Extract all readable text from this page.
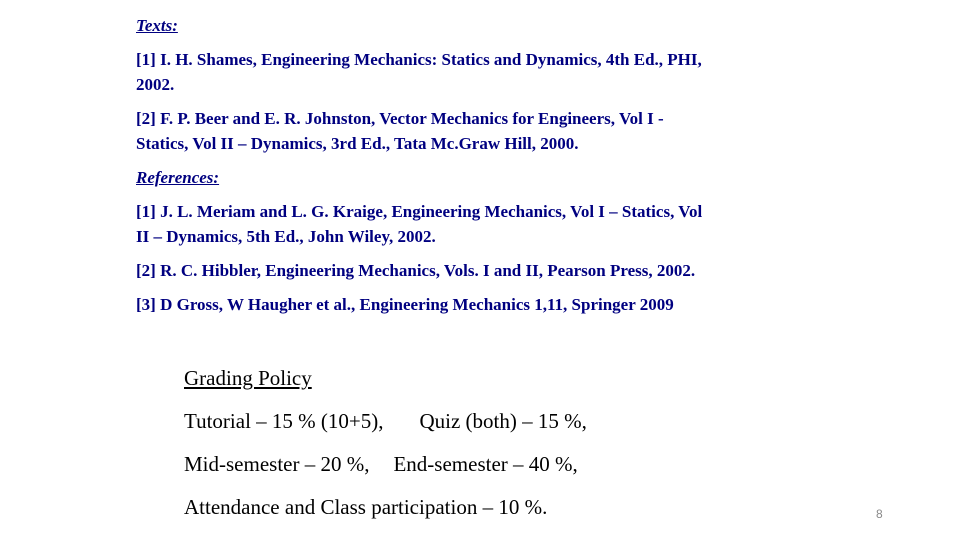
Texts:
[1] I. H. Shames, Engineering Mechanics: Statics and Dynamics, 4th Ed., PHI,
2002.
[2] F. P. Beer and E. R. Johnston, Vector Mechanics for Engineers, Vol I -
Statics, Vol II – Dynamics, 3rd Ed., Tata Mc.Graw Hill, 2000.
References:
[1] J. L. Meriam and L. G. Kraige, Engineering Mechanics, Vol I – Statics, Vol
II – Dynamics, 5th Ed., John Wiley, 2002.
[2] R. C. Hibbler, Engineering Mechanics, Vols. I and II, Pearson Press, 2002.
[3] D Gross, W Haugher et al., Engineering Mechanics 1,11, Springer 2009
Grading Policy
Tutorial – 15 % (10+5), Quiz (both) – 15 %,
Mid-semester – 20 %, End-semester – 40 %,
Attendance and Class participation – 10 %.	8
